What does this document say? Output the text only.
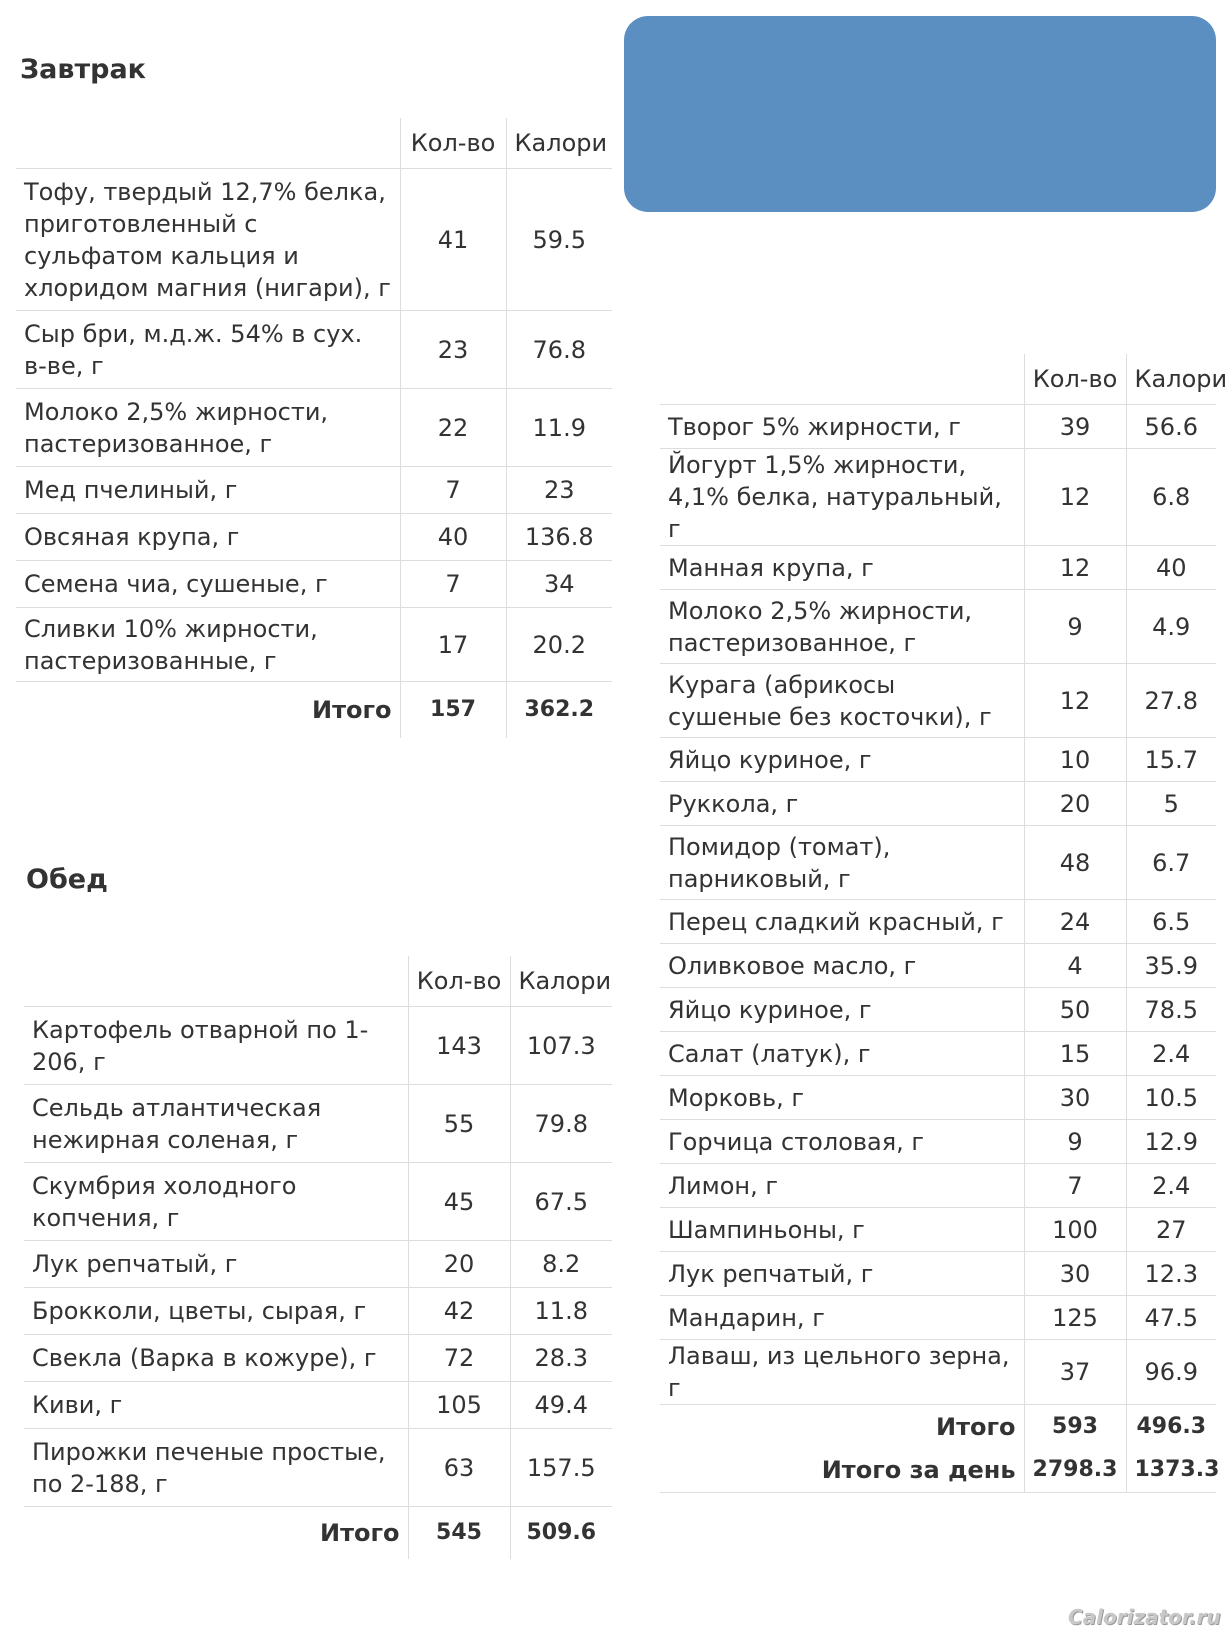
Завтрак
	Кол-во	Калори
Тофу, твердый 12,7% белка, приготовленный с сульфатом кальция и хлоридом магния (нигари), г	41	59.5
Сыр бри, м.д.ж. 54% в сух. в-ве, г	23	76.8
Молоко 2,5% жирности, пастеризованное, г	22	11.9
Мед пчелиный, г	7	23
Овсяная крупа, г	40	136.8
Семена чиа, сушеные, г	7	34
Сливки 10% жирности, пастеризованные, г	17	20.2
Итого	157	362.2
Обед
	Кол-во	Калори
Картофель отварной по 1-206, г	143	107.3
Сельдь атлантическая нежирная соленая, г	55	79.8
Скумбрия холодного копчения, г	45	67.5
Лук репчатый, г	20	8.2
Брокколи, цветы, сырая, г	42	11.8
Свекла (Варка в кожуре), г	72	28.3
Киви, г	105	49.4
Пирожки печеные простые, по 2-188, г	63	157.5
Итого	545	509.6
	Кол-во	Калори
Творог 5% жирности, г	39	56.6
Йогурт 1,5% жирности, 4,1% белка, натуральный, г	12	6.8
Манная крупа, г	12	40
Молоко 2,5% жирности, пастеризованное, г	9	4.9
Курага (абрикосы сушеные без косточки), г	12	27.8
Яйцо куриное, г	10	15.7
Руккола, г	20	5
Помидор (томат), парниковый, г	48	6.7
Перец сладкий красный, г	24	6.5
Оливковое масло, г	4	35.9
Яйцо куриное, г	50	78.5
Салат (латук), г	15	2.4
Морковь, г	30	10.5
Горчица столовая, г	9	12.9
Лимон, г	7	2.4
Шампиньоны, г	100	27
Лук репчатый, г	30	12.3
Мандарин, г	125	47.5
Лаваш, из цельного зерна, г	37	96.9
Итого	593	496.3
Итого за день	2798.3	1373.3
Calorizator.ru
